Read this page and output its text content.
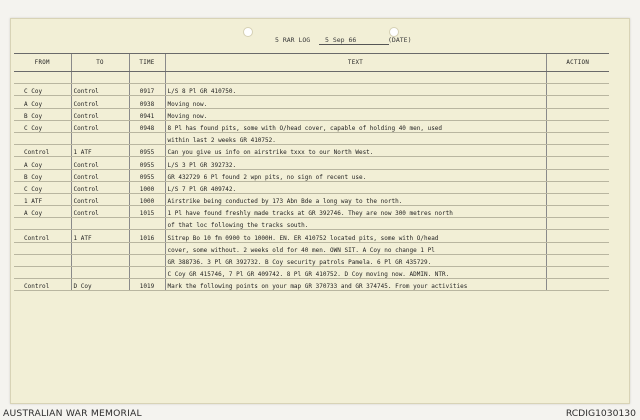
5 RAR LOG 5 Sep 66	(DATE)
FROM	TO	TIME	TEXT	ACTION

C Coy	Control	0917	L/S 8 Pl GR 410750.	
A Coy	Control	0938	Moving now.	
B Coy	Control	0941	Moving now.	
C Coy	Control	0948	8 Pl has found pits, some with O/head cover, capable of holding 40 men, used	
			within last 2 weeks GR 410752.	
Control	1 ATF	0955	Can you give us info on airstrike txxx to our North West.	
A Coy	Control	0955	L/S 3 Pl GR 392732.	
B Coy	Control	0955	GR 432729 6 Pl found 2 wpn pits, no sign of recent use.	
C Coy	Control	1000	L/S 7 Pl GR 409742.	
1 ATF	Control	1000	Airstrike being conducted by 173 Abn Bde a long way to the north.	
A Coy	Control	1015	1 Pl have found freshly made tracks at GR 392746. They are now 300 metres north	
			of that loc following the tracks south.	
Control	1 ATF	1016	Sitrep Bo 10 fm 0900 to 1000H. EN. ER 410752 located pits, some with O/head	
			cover, some without. 2 weeks old for 40 men. OWN SIT. A Coy no change 1 Pl	
			GR 388736. 3 Pl GR 392732. B Coy security patrols Pamela. 6 Pl GR 435729.	
			C Coy GR 415746, 7 Pl GR 409742. 8 Pl GR 410752. D Coy moving now. ADMIN. NTR.	
Control	D Coy	1019	Mark the following points on your map GR 370733 and GR 374745. From your activities	
AUSTRALIAN WAR MEMORIAL	RCDIG1030130
